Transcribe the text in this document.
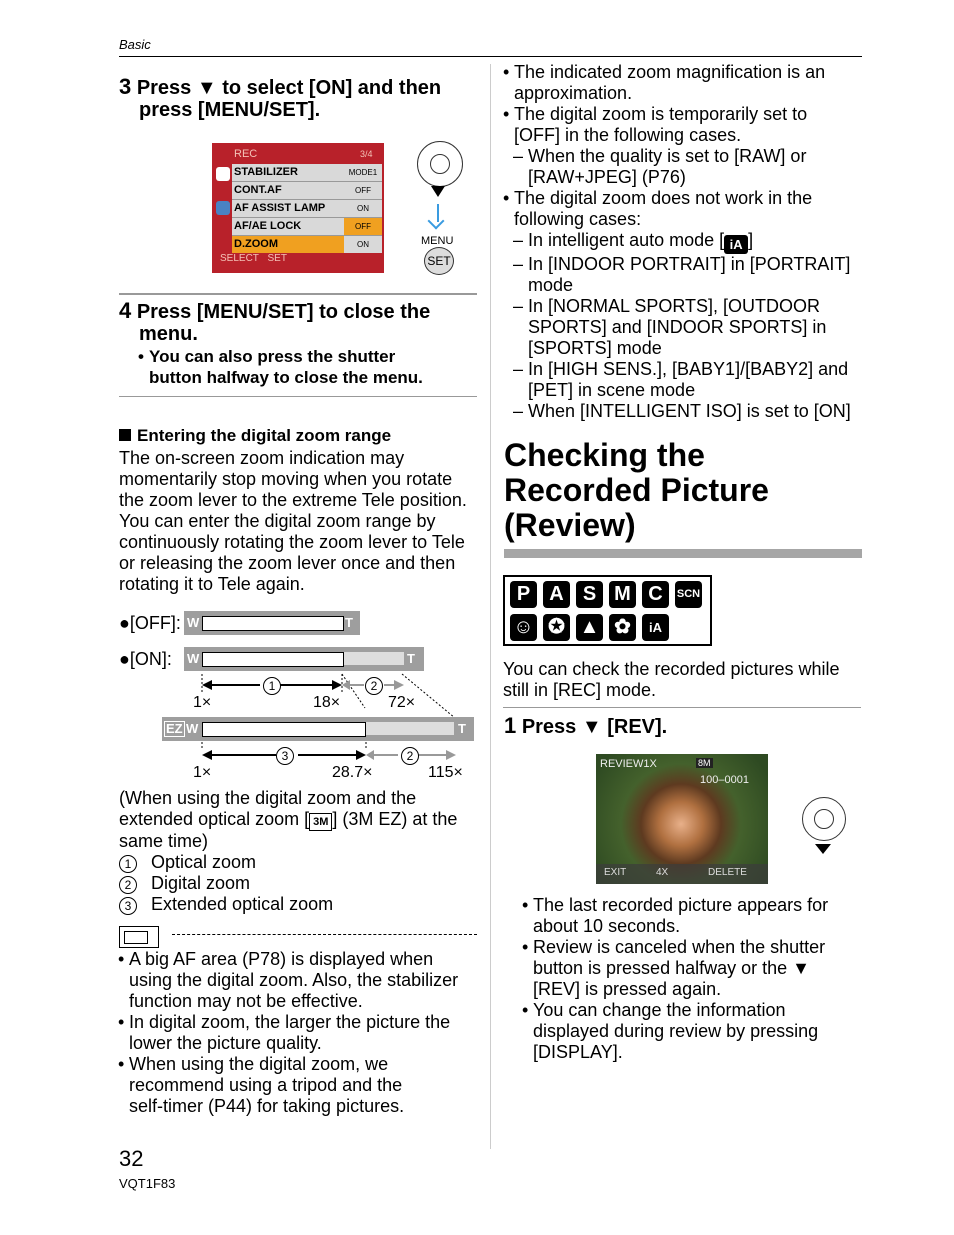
Basic
3 Press ▼ to select [ON] and then
press [MENU/SET].
REC	3/4
STABILIZER	MODE1
CONT.AF	OFF
AF ASSIST LAMP	ON
AF/AE LOCK	OFF
D.ZOOM	ON
SELECT SET
MENU
SET
4 Press [MENU/SET] to close the
menu.
• You can also press the shutter
button halfway to close the menu.
Entering the digital zoom range
The on-screen zoom indication may
momentarily stop moving when you rotate
the zoom lever to the extreme Tele position.
You can enter the digital zoom range by
continuously rotating the zoom lever to Tele
or releasing the zoom lever once and then
rotating it to Tele again.
●[OFF]: W	T
●[ON]: W	T
1	2
1×	18×	72×
EZ W	T
3	2
1×	28.7×	115×
(When using the digital zoom and the
extended optical zoom [ 3M ] (3M EZ) at the
same time)
1 Optical zoom
2 Digital zoom
3 Extended optical zoom
• A big AF area (P78) is displayed when
using the digital zoom. Also, the stabilizer
function may not be effective.
• In digital zoom, the larger the picture the
lower the picture quality.
• When using the digital zoom, we
recommend using a tripod and the
self-timer (P44) for taking pictures.
• The indicated zoom magnification is an
approximation.
• The digital zoom is temporarily set to
[OFF] in the following cases.
– When the quality is set to [RAW] or
[RAW+JPEG] (P76)
• The digital zoom does not work in the
following cases:
– In intelligent auto mode [ iA ]
– In [INDOOR PORTRAIT] in [PORTRAIT]
mode
– In [NORMAL SPORTS], [OUTDOOR
SPORTS] and [INDOOR SPORTS] in
[SPORTS] mode
– In [HIGH SENS.], [BABY1]/[BABY2] and
[PET] in scene mode
– When [INTELLIGENT ISO] is set to [ON]
Checking the
Recorded Picture
(Review)
P A S M C	SCN
☺ ✪ ▲ ✿	iA
You can check the recorded pictures while
still in [REC] mode.
1 Press ▼ [REV].
REVIEW1X	8M
100–0001
EXIT	4X	DELETE
• The last recorded picture appears for
about 10 seconds.
• Review is canceled when the shutter
button is pressed halfway or the ▼
[REV] is pressed again.
• You can change the information
displayed during review by pressing
[DISPLAY].
32
VQT1F83
